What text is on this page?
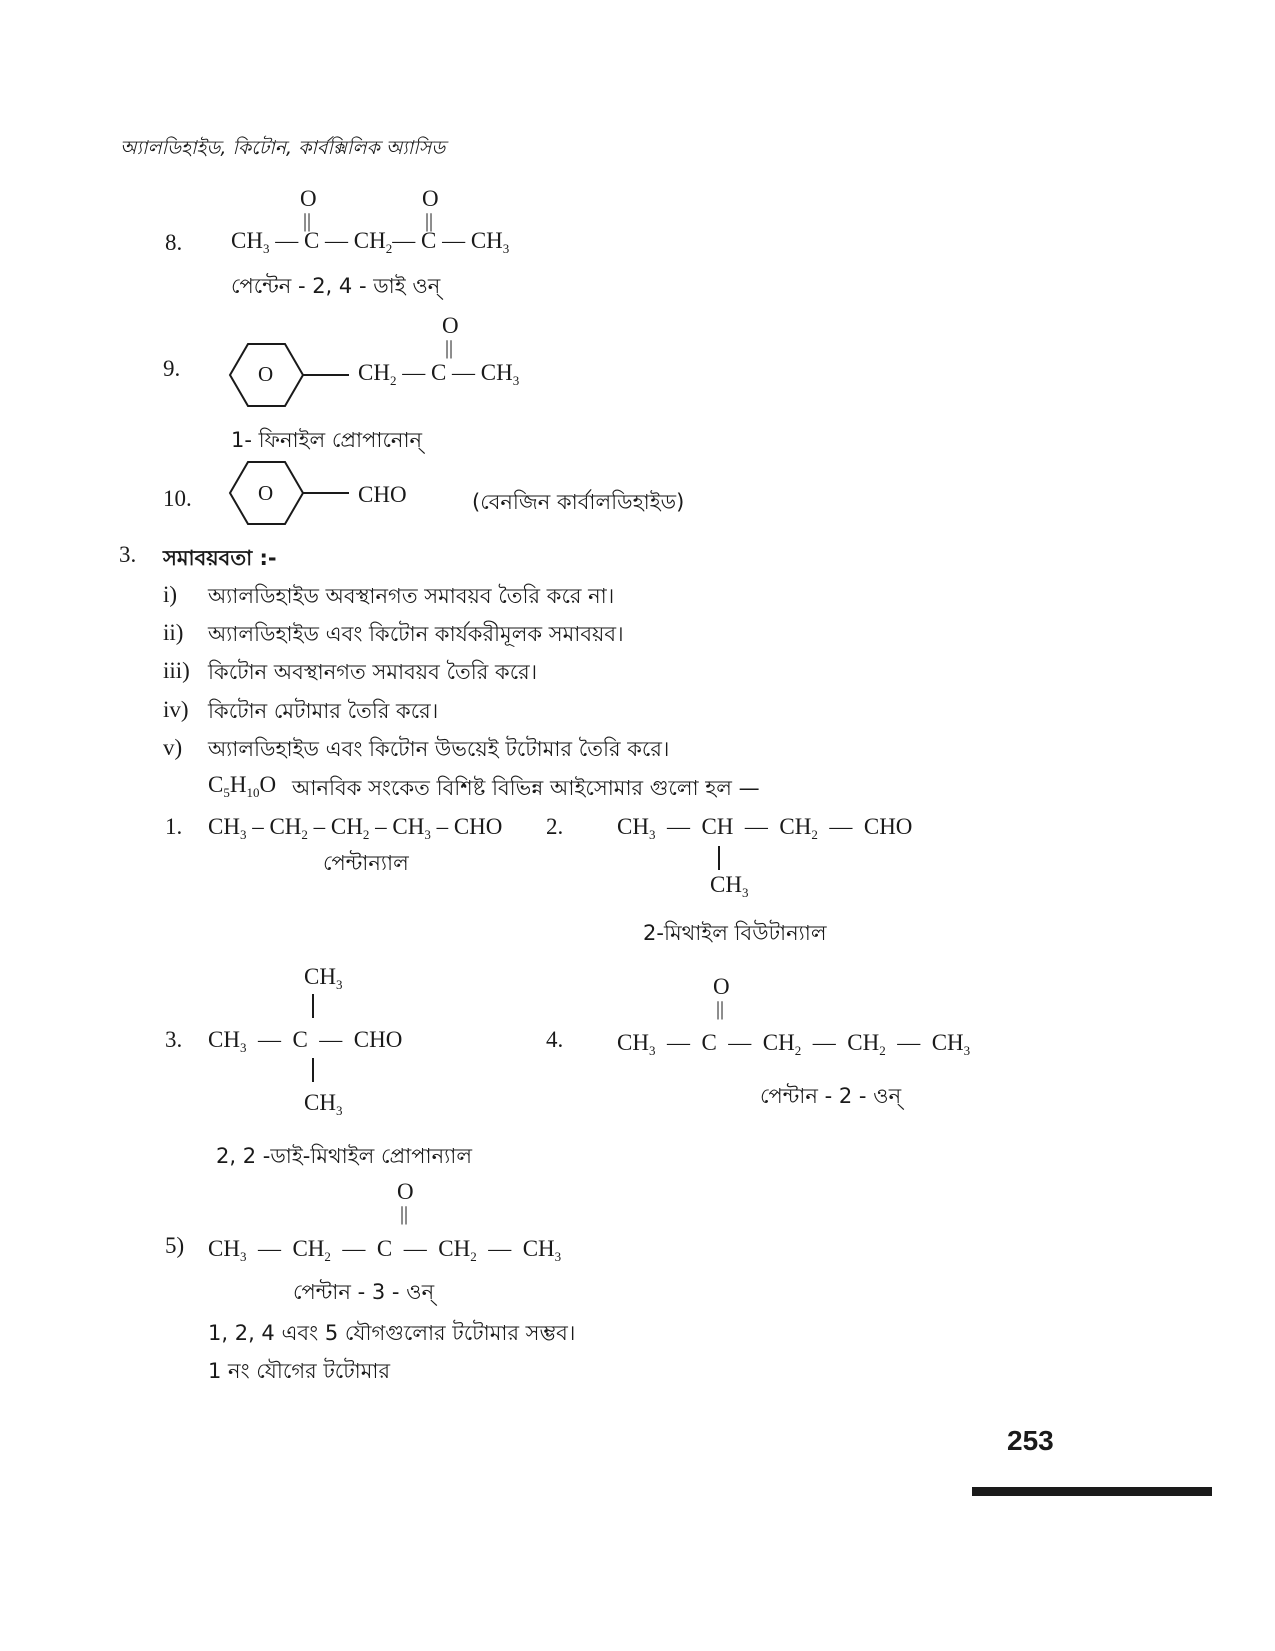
অ্যালডিহাইড, কিটোন, কার্বক্সিলিক অ্যাসিড
8.
O
||
O
||
$CH_3$ — C — $CH_2—$ C — $CH_3$
পেন্টেন - 2, 4 - ডাই ওন্
9.	O
O
||
$CH_2$ — C — $CH_3$
1- ফিনাইল প্রোপানোন্
10.	O	CHO	(বেনজিন কার্বালডিহাইড)
3. সমাবয়বতা :-
i) অ্যালডিহাইড অবস্থানগত সমাবয়ব তৈরি করে না।
ii) অ্যালডিহাইড এবং কিটোন কার্যকরীমূলক সমাবয়ব।
iii) কিটোন অবস্থানগত সমাবয়ব তৈরি করে।
iv) কিটোন মেটামার তৈরি করে।
v) অ্যালডিহাইড এবং কিটোন উভয়েই টটোমার তৈরি করে।
$C_5H_{10}O$ আনবিক সংকেত বিশিষ্ট বিভিন্ন আইসোমার গুলো হল —
1. $CH_3 - CH_2 - CH_2 - CH_3$ – CHO
পেন্টান্যাল
2. $CH_3$  —  CH  —  $CH_2$  —  CHO
$CH_3$
2-মিথাইল বিউটান্যাল
$CH_3$
3. $CH_3$  —  C  —  CHO
$CH_3$
2, 2 -ডাই-মিথাইল প্রোপান্যাল
O
||
4. $CH_3$  —  C  —  $CH_2$  —  $CH_2$  —  $CH_3$
পেন্টান - 2 - ওন্
O
||
5) $CH_3$  —  $CH_2$  —  C  —  $CH_2$  —  $CH_3$
পেন্টান - 3 - ওন্
1, 2, 4 এবং 5 যৌগগুলোর টটোমার সম্ভব।
1 নং যৌগের টটোমার
253
